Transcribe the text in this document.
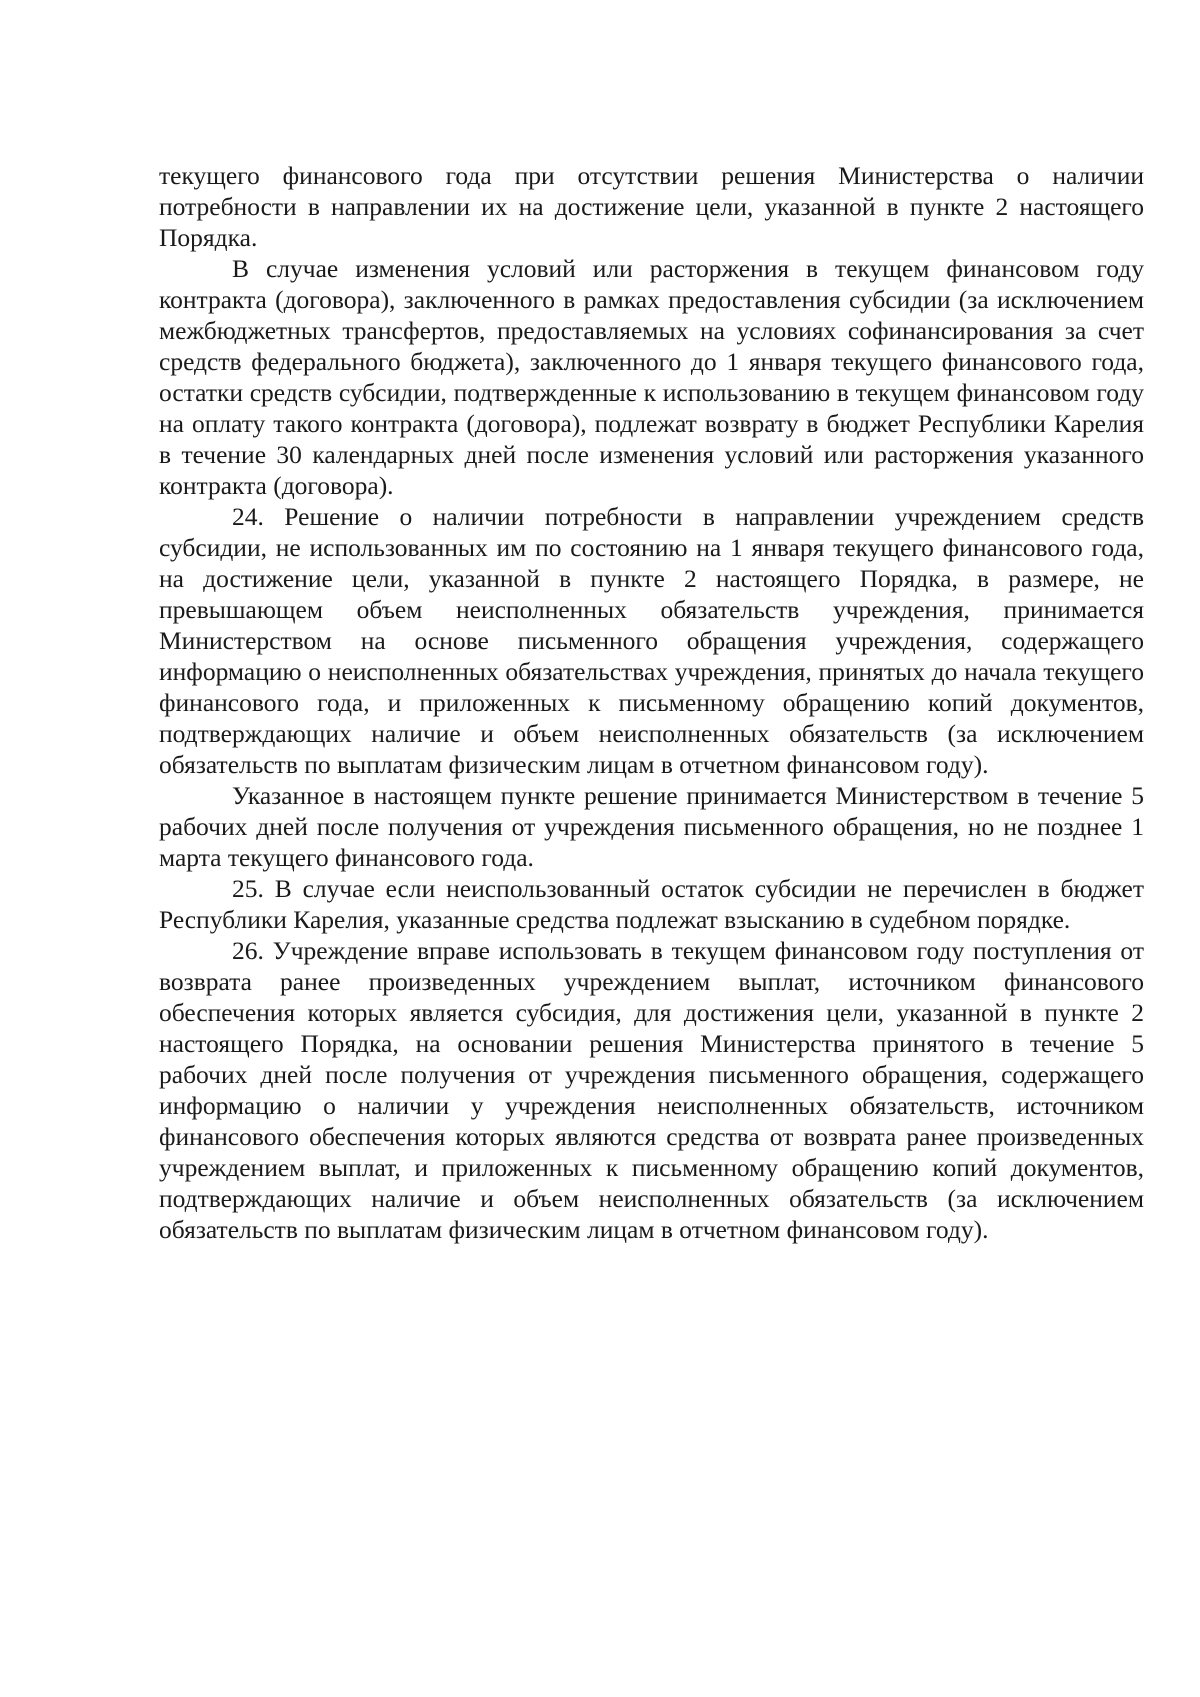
текущего финансового года при отсутствии решения Министерства о наличии потребности в направлении их на достижение цели, указанной в пункте 2 настоящего Порядка.

В случае изменения условий или расторжения в текущем финансовом году контракта (договора), заключенного в рамках предоставления субсидии (за исключением межбюджетных трансфертов, предоставляемых на условиях софинансирования за счет средств федерального бюджета), заключенного до 1 января текущего финансового года, остатки средств субсидии, подтвержденные к использованию в текущем финансовом году на оплату такого контракта (договора), подлежат возврату в бюджет Республики Карелия в течение 30 календарных дней после изменения условий или расторжения указанного контракта (договора).

24. Решение о наличии потребности в направлении учреждением средств субсидии, не использованных им по состоянию на 1 января текущего финансового года, на достижение цели, указанной в пункте 2 настоящего Порядка, в размере, не превышающем объем неисполненных обязательств учреждения, принимается Министерством на основе письменного обращения учреждения, содержащего информацию о неисполненных обязательствах учреждения, принятых до начала текущего финансового года, и приложенных к письменному обращению копий документов, подтверждающих наличие и объем неисполненных обязательств (за исключением обязательств по выплатам физическим лицам в отчетном финансовом году).

Указанное в настоящем пункте решение принимается Министерством в течение 5 рабочих дней после получения от учреждения письменного обращения, но не позднее 1 марта текущего финансового года.

25. В случае если неиспользованный остаток субсидии не перечислен в бюджет Республики Карелия, указанные средства подлежат взысканию в судебном порядке.

26. Учреждение вправе использовать в текущем финансовом году поступления от возврата ранее произведенных учреждением выплат, источником финансового обеспечения которых является субсидия, для достижения цели, указанной в пункте 2 настоящего Порядка, на основании решения Министерства принятого в течение 5 рабочих дней после получения от учреждения письменного обращения, содержащего информацию о наличии у учреждения неисполненных обязательств, источником финансового обеспечения которых являются средства от возврата ранее произведенных учреждением выплат, и приложенных к письменному обращению копий документов, подтверждающих наличие и объем неисполненных обязательств (за исключением обязательств по выплатам физическим лицам в отчетном финансовом году).
